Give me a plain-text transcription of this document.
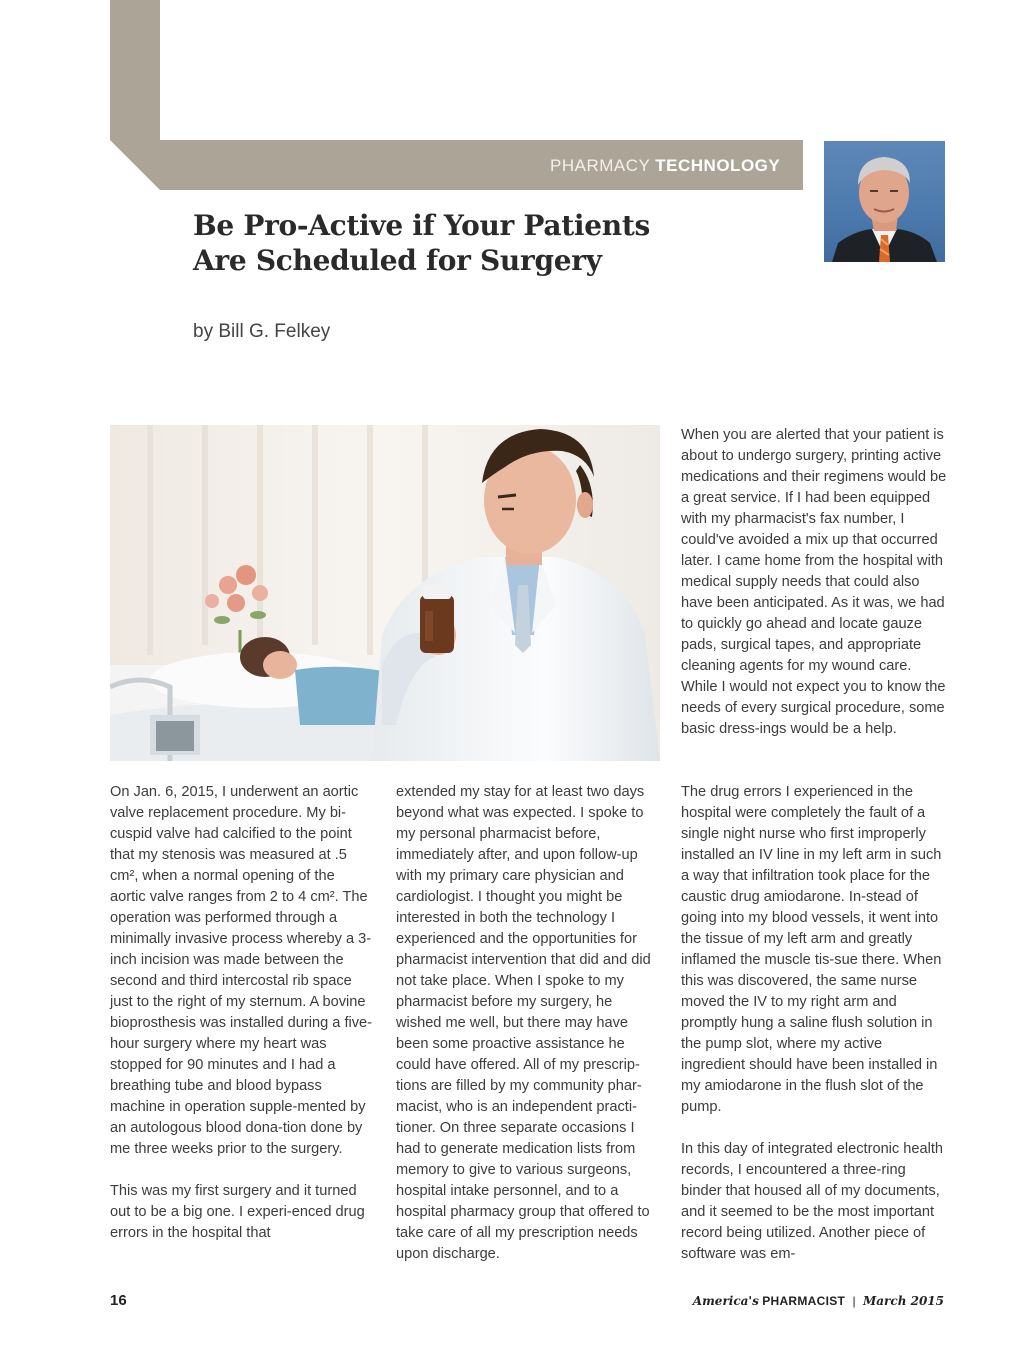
PHARMACY TECHNOLOGY
Be Pro-Active if Your Patients
Are Scheduled for Surgery
by Bill G. Felkey

When you are alerted that your patient is about to undergo surgery, printing active medications and their regimens would be a great service. If I had been equipped with my pharmacist's fax number, I could've avoided a mix up that occurred later. I came home from the hospital with medical supply needs that could also have been anticipated. As it was, we had to quickly go ahead and locate gauze pads, surgical tapes, and appropriate cleaning agents for my wound care. While I would not expect you to know the needs of every surgical procedure, some basic dress-ings would be a help.

On Jan. 6, 2015, I underwent an aortic valve replacement procedure. My bi-cuspid valve had calcified to the point that my stenosis was measured at .5 cm², when a normal opening of the aortic valve ranges from 2 to 4 cm². The operation was performed through a minimally invasive process whereby a 3-inch incision was made between the second and third intercostal rib space just to the right of my sternum. A bovine bioprosthesis was installed during a five-hour surgery where my heart was stopped for 90 minutes and I had a breathing tube and blood bypass machine in operation supple-mented by an autologous blood dona-tion done by me three weeks prior to the surgery.

This was my first surgery and it turned out to be a big one. I experi-enced drug errors in the hospital that

extended my stay for at least two days beyond what was expected. I spoke to my personal pharmacist before, immediately after, and upon follow-up with my primary care physician and cardiologist. I thought you might be interested in both the technology I experienced and the opportunities for pharmacist intervention that did and did not take place. When I spoke to my pharmacist before my surgery, he wished me well, but there may have been some proactive assistance he could have offered. All of my prescrip-tions are filled by my community phar-macist, who is an independent practi-tioner. On three separate occasions I had to generate medication lists from memory to give to various surgeons, hospital intake personnel, and to a hospital pharmacy group that offered to take care of all my prescription needs upon discharge.

The drug errors I experienced in the hospital were completely the fault of a single night nurse who first improperly installed an IV line in my left arm in such a way that infiltration took place for the caustic drug amiodarone. In-stead of going into my blood vessels, it went into the tissue of my left arm and greatly inflamed the muscle tis-sue there. When this was discovered, the same nurse moved the IV to my right arm and promptly hung a saline flush solution in the pump slot, where my active ingredient should have been installed in my amiodarone in the flush slot of the pump.

In this day of integrated electronic health records, I encountered a three-ring binder that housed all of my documents, and it seemed to be the most important record being utilized. Another piece of software was em-

16	America's PHARMACIST | March 2015
